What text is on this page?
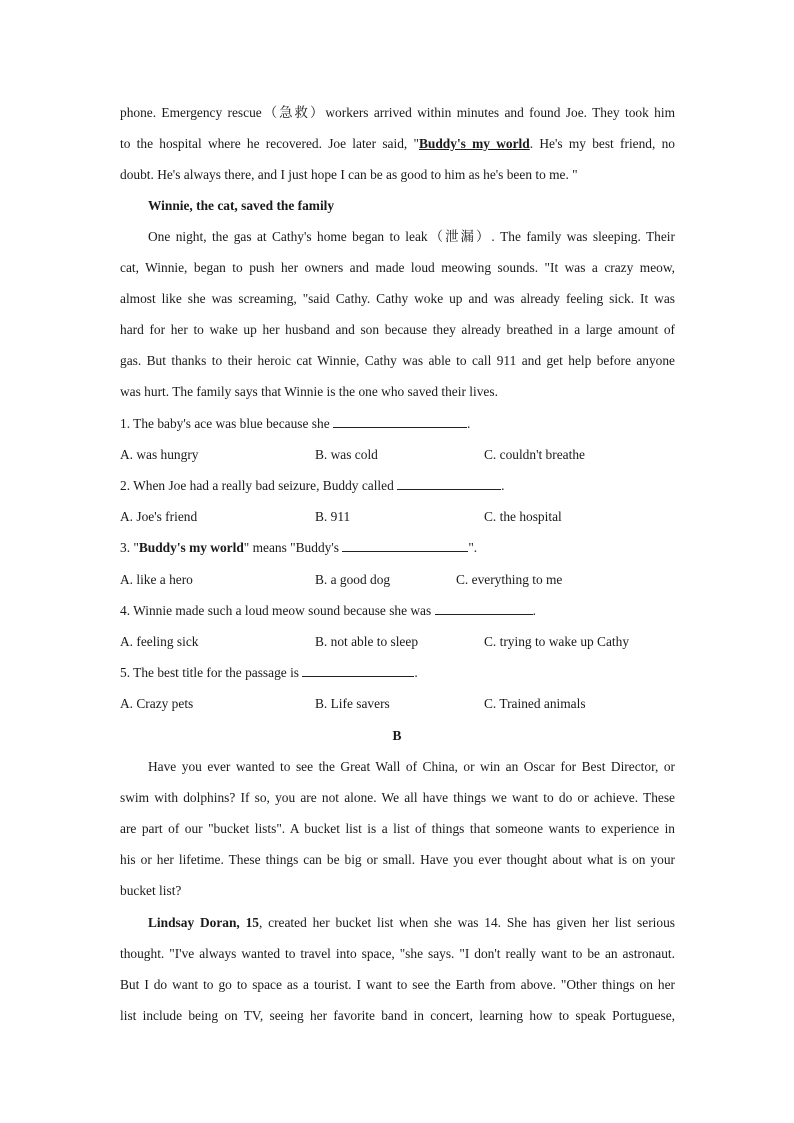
phone. Emergency rescue（急救）workers arrived within minutes and found Joe. They took him
to the hospital where he recovered. Joe later said, "Buddy's my world. He's my best friend, no
doubt. He's always there, and I just hope I can be as good to him as he's been to me. "
Winnie, the cat, saved the family
One night, the gas at Cathy's home began to leak（泄漏）. The family was sleeping. Their
cat, Winnie, began to push her owners and made loud meowing sounds. "It was a crazy meow,
almost like she was screaming, "said Cathy. Cathy woke up and was already feeling sick. It was
hard for her to wake up her husband and son because they already breathed in a large amount of
gas. But thanks to their heroic cat Winnie, Cathy was able to call 911 and get help before anyone
was hurt. The family says that Winnie is the one who saved their lives.
1. The baby's ace was blue because she	.
A. was hungry	B. was cold	C. couldn't breathe
2. When Joe had a really bad seizure, Buddy called	.
A. Joe's friend	B. 911	C. the hospital
3. "Buddy's my world" means "Buddy's	".
A. like a hero	B. a good dog	C. everything to me
4. Winnie made such a loud meow sound because she was	.
A. feeling sick	B. not able to sleep	C. trying to wake up Cathy
5. The best title for the passage is	.
A. Crazy pets	B. Life savers	C. Trained animals
B
Have you ever wanted to see the Great Wall of China, or win an Oscar for Best Director, or
swim with dolphins? If so, you are not alone. We all have things we want to do or achieve. These
are part of our "bucket lists". A bucket list is a list of things that someone wants to experience in
his or her lifetime. These things can be big or small. Have you ever thought about what is on your
bucket list?
Lindsay Doran, 15, created her bucket list when she was 14. She has given her list serious
thought. "I've always wanted to travel into space, "she says. "I don't really want to be an astronaut.
But I do want to go to space as a tourist. I want to see the Earth from above. "Other things on her
list include being on TV, seeing her favorite band in concert, learning how to speak Portuguese,
